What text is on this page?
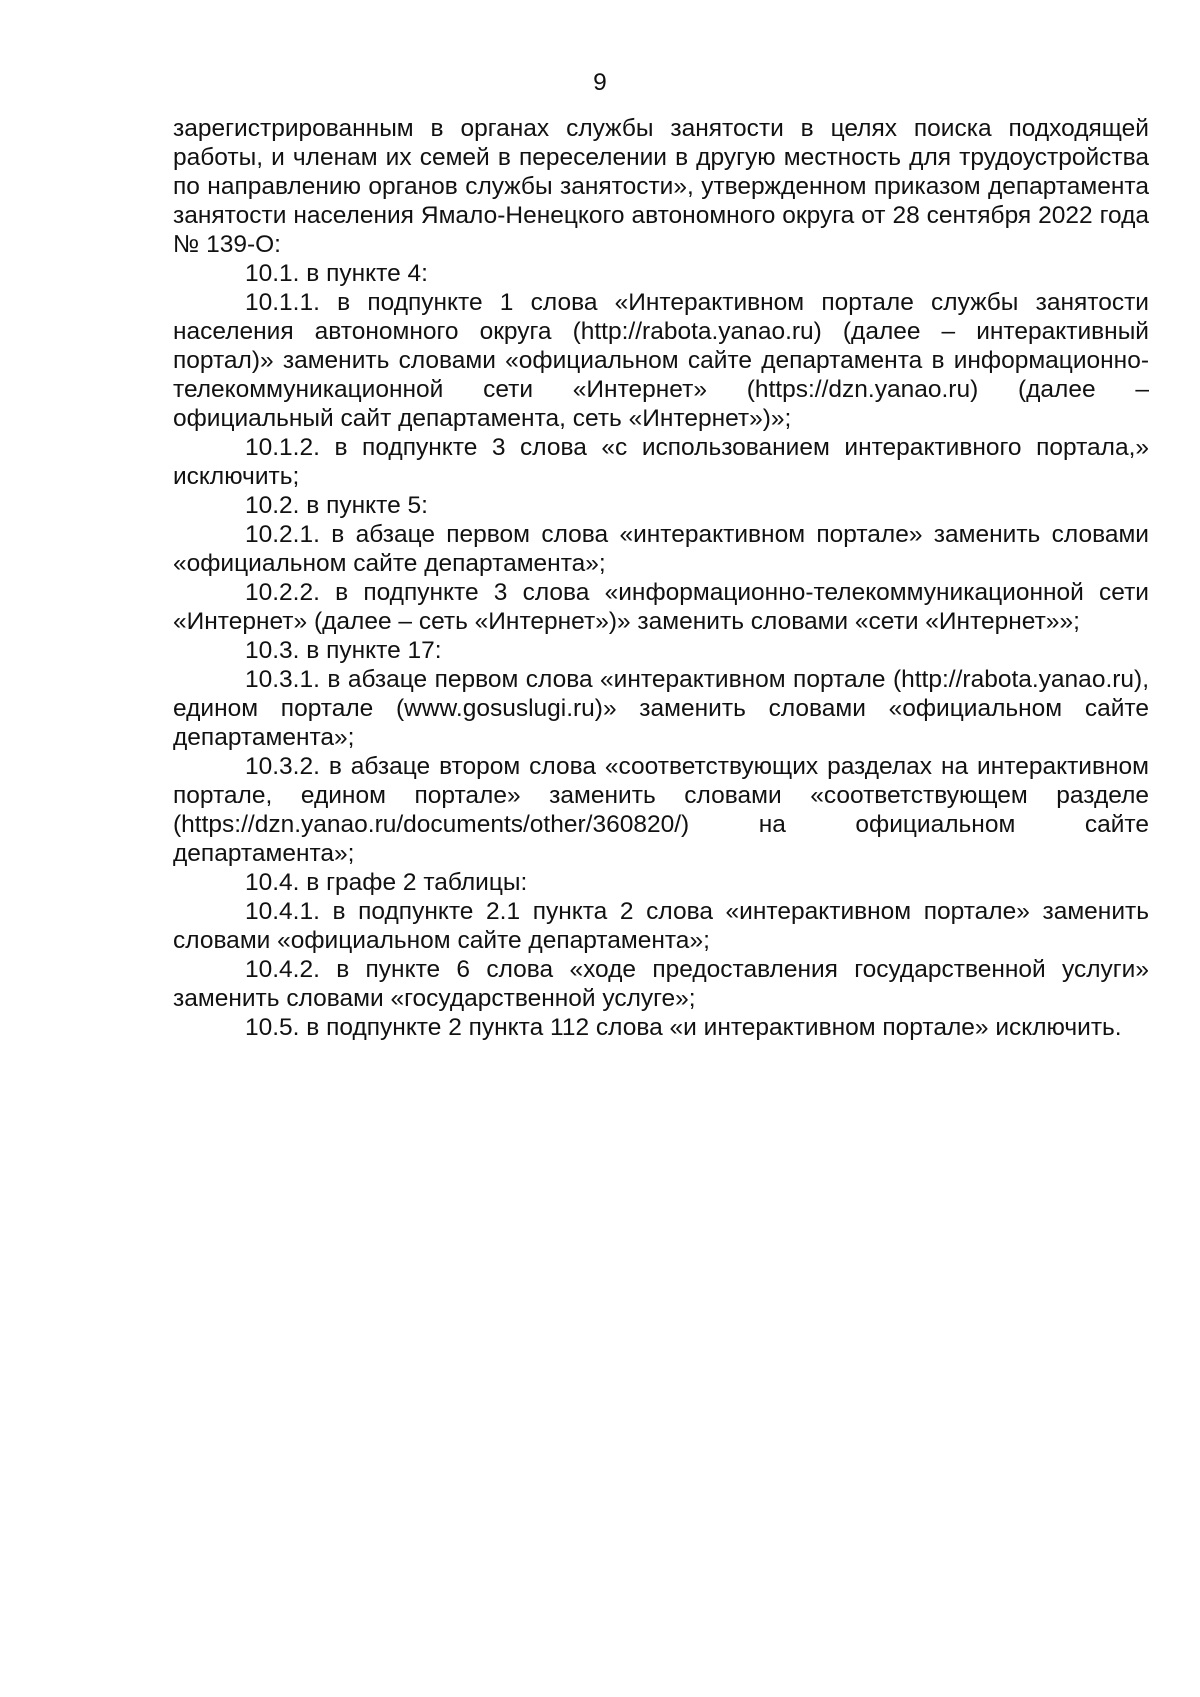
9

зарегистрированным в органах службы занятости в целях поиска подходящей работы, и членам их семей в переселении в другую местность для трудоустройства по направлению органов службы занятости», утвержденном приказом департамента занятости населения Ямало-Ненецкого автономного округа от 28 сентября 2022 года № 139-О:

10.1. в пункте 4:

10.1.1. в подпункте 1 слова «Интерактивном портале службы занятости населения автономного округа (http://rabota.yanao.ru) (далее – интерактивный портал)» заменить словами «официальном сайте департамента в информационно-телекоммуникационной сети «Интернет» (https://dzn.yanao.ru) (далее – официальный сайт департамента, сеть «Интернет»)»;

10.1.2. в подпункте 3 слова «с использованием интерактивного портала,» исключить;

10.2. в пункте 5:

10.2.1. в абзаце первом слова «интерактивном портале» заменить словами «официальном сайте департамента»;

10.2.2. в подпункте 3 слова «информационно-телекоммуникационной сети «Интернет» (далее – сеть «Интернет»)» заменить словами «сети «Интернет»»;

10.3. в пункте 17:

10.3.1. в абзаце первом слова «интерактивном портале (http://rabota.yanao.ru), едином портале (www.gosuslugi.ru)» заменить словами «официальном сайте департамента»;

10.3.2. в абзаце втором слова «соответствующих разделах на интерактивном портале, едином портале» заменить словами «соответствующем разделе (https://dzn.yanao.ru/documents/other/360820/) на официальном сайте департамента»;

10.4. в графе 2 таблицы:

10.4.1. в подпункте 2.1 пункта 2 слова «интерактивном портале» заменить словами «официальном сайте департамента»;

10.4.2. в пункте 6 слова «ходе предоставления государственной услуги» заменить словами «государственной услуге»;

10.5. в подпункте 2 пункта 112 слова «и интерактивном портале» исключить.
